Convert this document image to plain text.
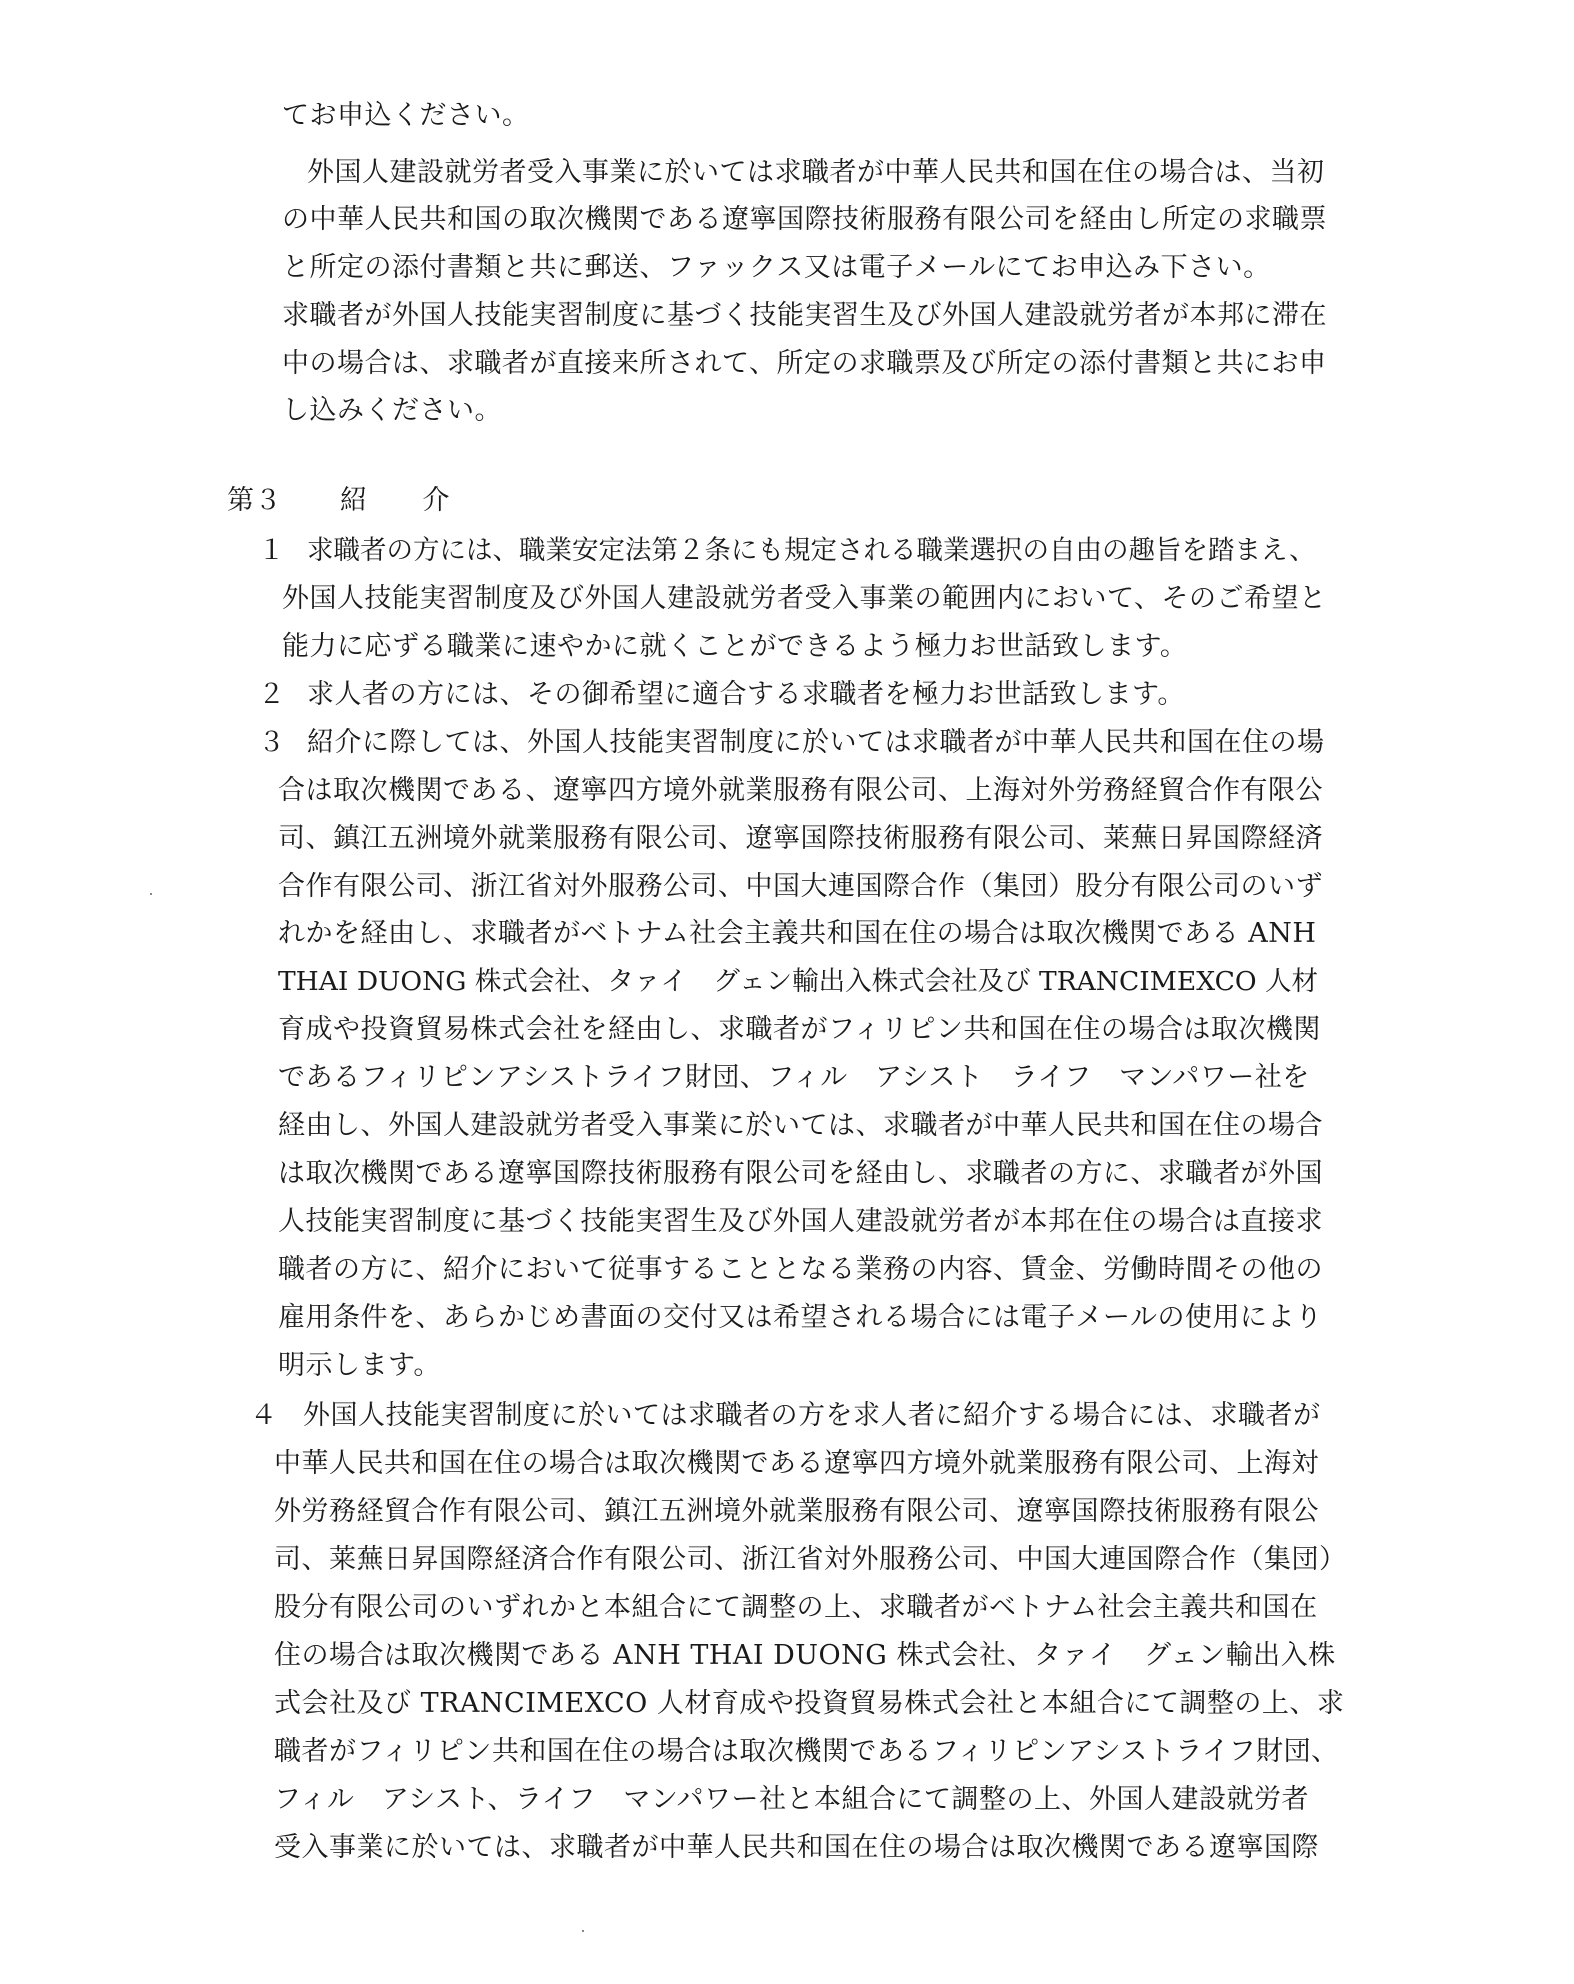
てお申込ください。
外国人建設就労者受入事業に於いては求職者が中華人民共和国在住の場合は、当初
の中華人民共和国の取次機関である遼寧国際技術服務有限公司を経由し所定の求職票
と所定の添付書類と共に郵送、ファックス又は電子メールにてお申込み下さい。
求職者が外国人技能実習制度に基づく技能実習生及び外国人建設就労者が本邦に滞在
中の場合は、求職者が直接来所されて、所定の求職票及び所定の添付書類と共にお申
し込みください。
第３ 紹　　介
１ 求職者の方には、職業安定法第２条にも規定される職業選択の自由の趣旨を踏まえ、
外国人技能実習制度及び外国人建設就労者受入事業の範囲内において、そのご希望と
能力に応ずる職業に速やかに就くことができるよう極力お世話致します。
２ 求人者の方には、その御希望に適合する求職者を極力お世話致します。
３ 紹介に際しては、外国人技能実習制度に於いては求職者が中華人民共和国在住の場
合は取次機関である、遼寧四方境外就業服務有限公司、上海対外労務経貿合作有限公
司、鎮江五洲境外就業服務有限公司、遼寧国際技術服務有限公司、莱蕪日昇国際経済
合作有限公司、浙江省対外服務公司、中国大連国際合作（集団）股分有限公司のいず
れかを経由し、求職者がベトナム社会主義共和国在住の場合は取次機関である ANH
THAI DUONG 株式会社、タァイ　グェン輸出入株式会社及び TRANCIMEXCO 人材
育成や投資貿易株式会社を経由し、求職者がフィリピン共和国在住の場合は取次機関
であるフィリピンアシストライフ財団、フィル　アシスト　ライフ　マンパワー社を
経由し、外国人建設就労者受入事業に於いては、求職者が中華人民共和国在住の場合
は取次機関である遼寧国際技術服務有限公司を経由し、求職者の方に、求職者が外国
人技能実習制度に基づく技能実習生及び外国人建設就労者が本邦在住の場合は直接求
職者の方に、紹介において従事することとなる業務の内容、賃金、労働時間その他の
雇用条件を、あらかじめ書面の交付又は希望される場合には電子メールの使用により
明示します。
４ 外国人技能実習制度に於いては求職者の方を求人者に紹介する場合には、求職者が
中華人民共和国在住の場合は取次機関である遼寧四方境外就業服務有限公司、上海対
外労務経貿合作有限公司、鎮江五洲境外就業服務有限公司、遼寧国際技術服務有限公
司、莱蕪日昇国際経済合作有限公司、浙江省対外服務公司、中国大連国際合作（集団）
股分有限公司のいずれかと本組合にて調整の上、求職者がベトナム社会主義共和国在
住の場合は取次機関である ANH THAI DUONG 株式会社、タァイ　グェン輸出入株
式会社及び TRANCIMEXCO 人材育成や投資貿易株式会社と本組合にて調整の上、求
職者がフィリピン共和国在住の場合は取次機関であるフィリピンアシストライフ財団、
フィル　アシスト、ライフ　マンパワー社と本組合にて調整の上、外国人建設就労者
受入事業に於いては、求職者が中華人民共和国在住の場合は取次機関である遼寧国際
